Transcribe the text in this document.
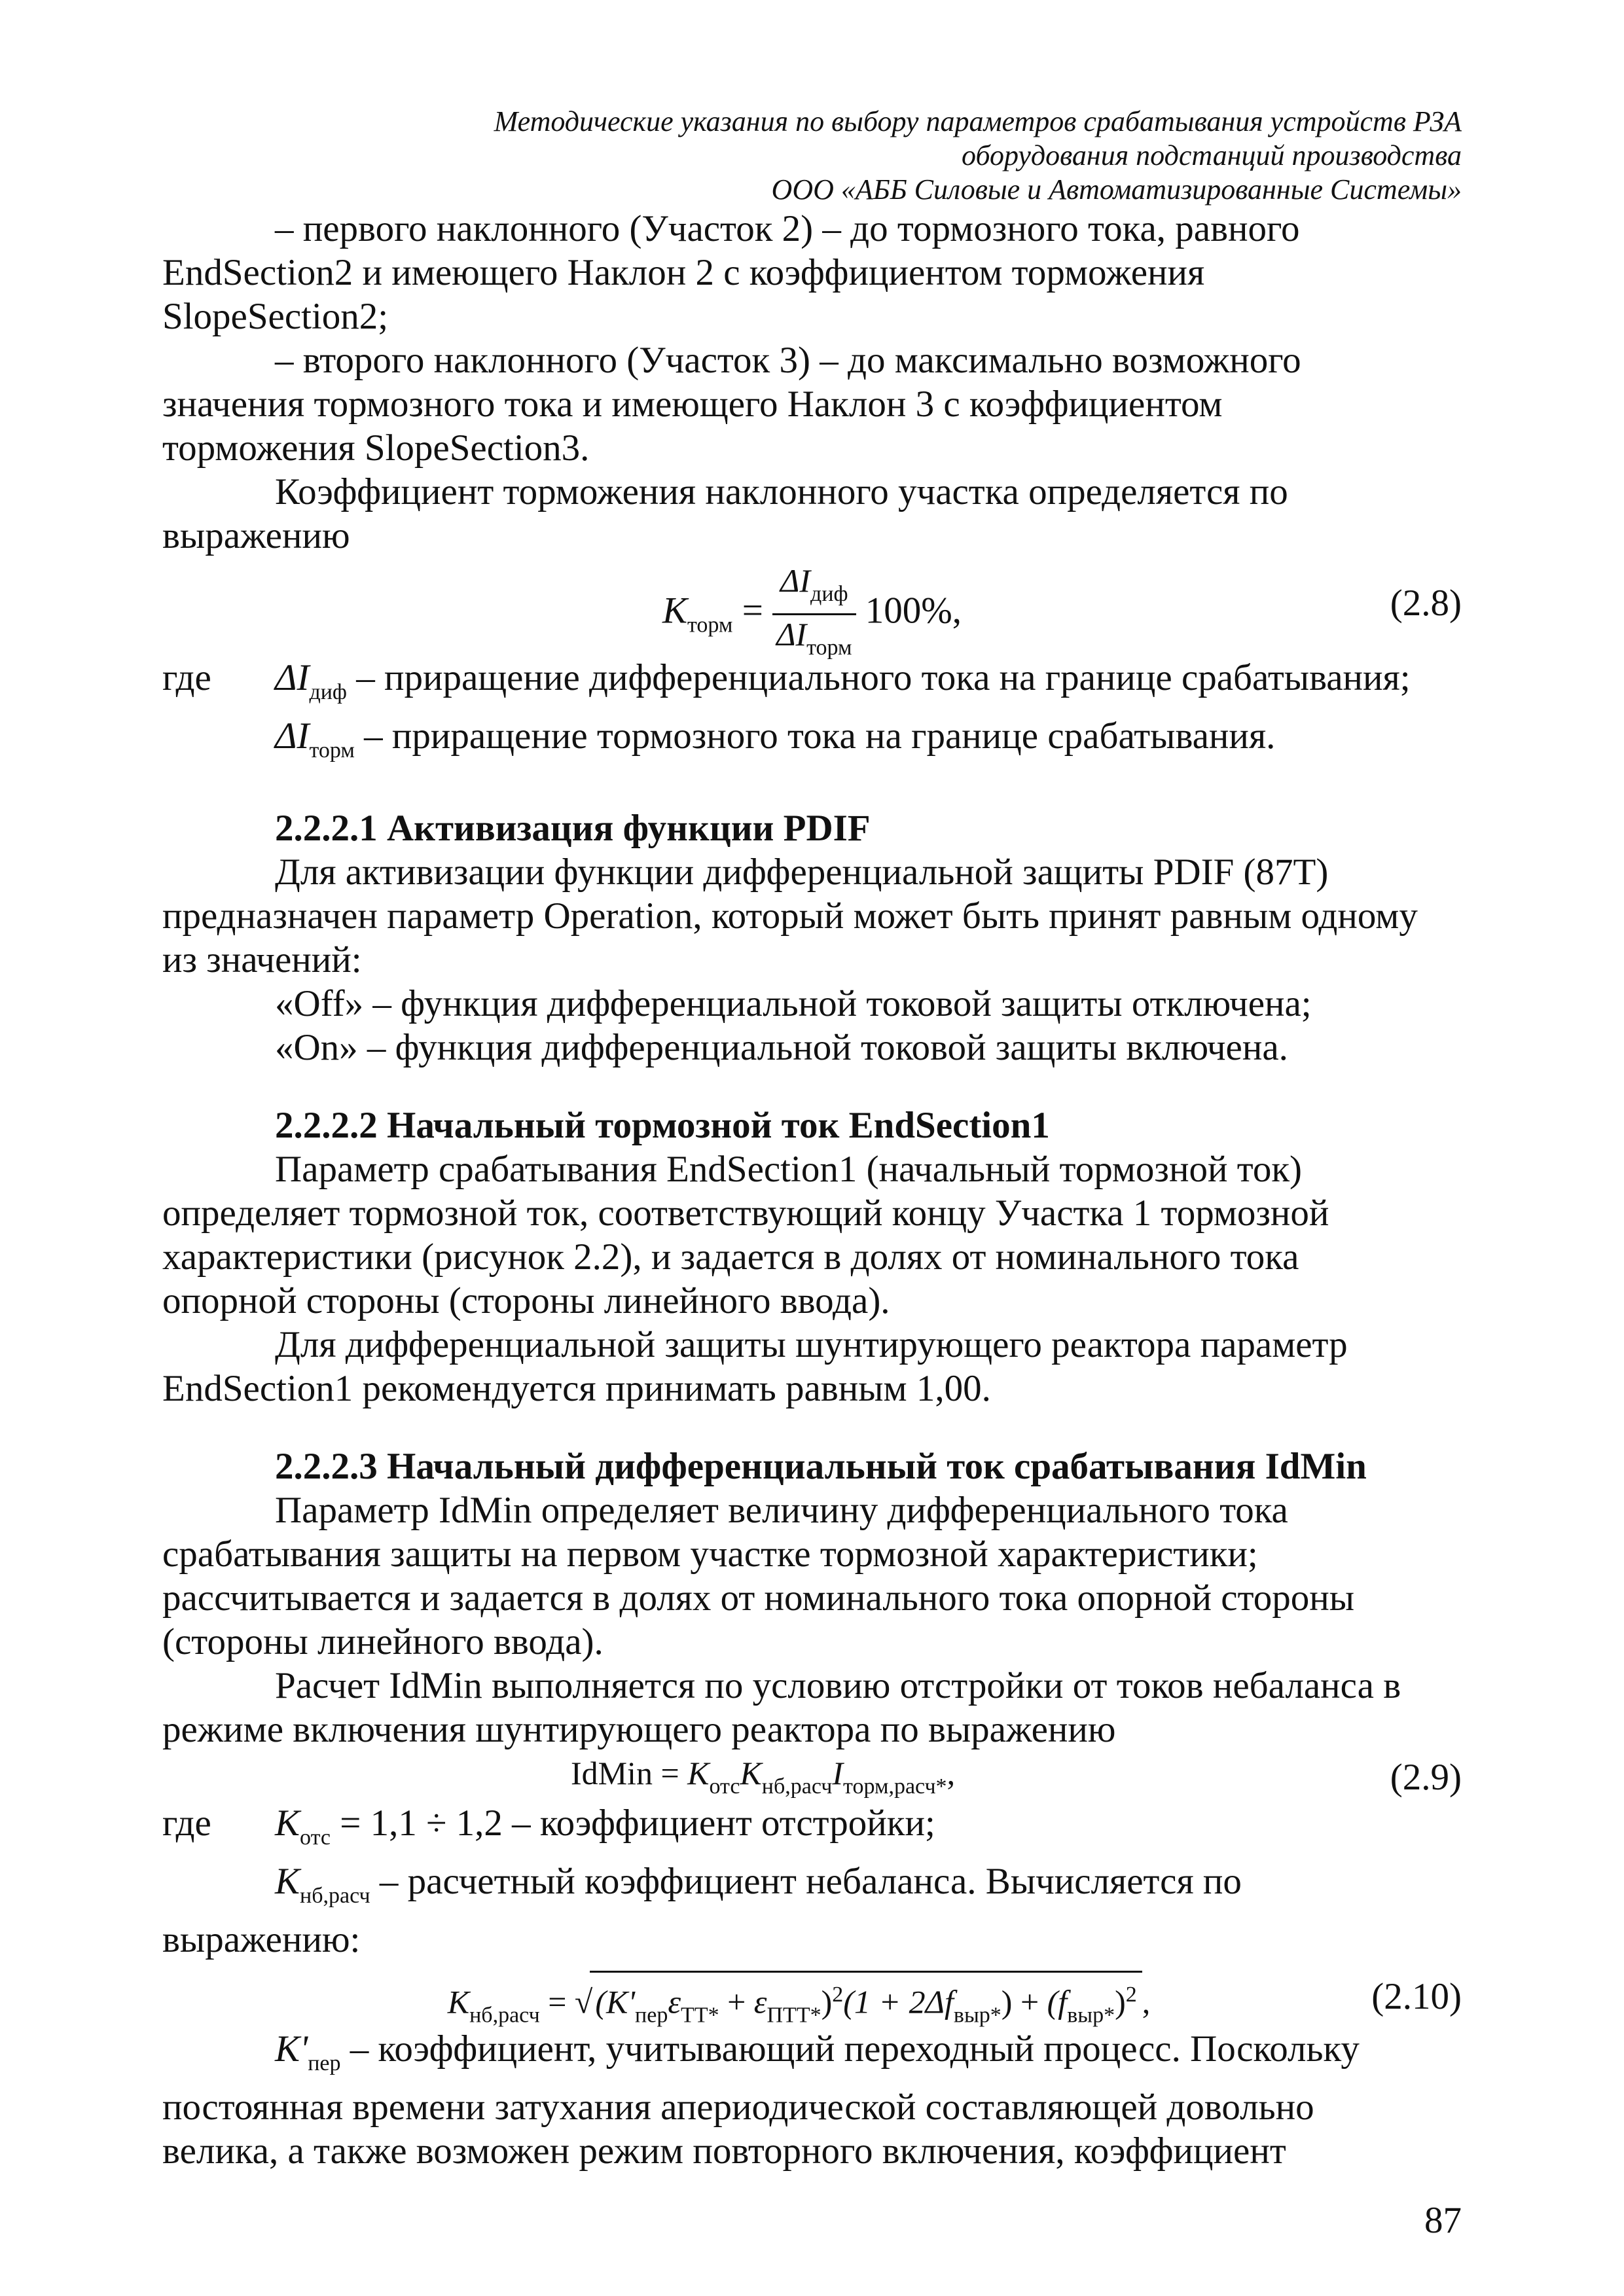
Методические указания по выбору параметров срабатывания устройств РЗА
оборудования подстанций производства
ООО «АББ Силовые и Автоматизированные Системы»
– первого наклонного (Участок 2) – до тормозного тока, равного
EndSection2 и имеющего Наклон 2 с коэффициентом торможения
SlopeSection2;
– второго наклонного (Участок 3) – до максимально возможного
значения тормозного тока и имеющего Наклон 3 с коэффициентом
торможения SlopeSection3.
Коэффициент торможения наклонного участка определяется по
выражению
$K_{торм} = \frac{\Delta I_{диф}}{\Delta I_{торм}} 100\%$,	(2.8)
где	$\Delta I_{диф}$ – приращение дифференциального тока на границе срабатывания;
$\Delta I_{торм}$ – приращение тормозного тока на границе срабатывания.
2.2.2.1 Активизация функции PDIF
Для активизации функции дифференциальной защиты PDIF (87T)
предназначен параметр Operation, который может быть принят равным одному
из значений:
«Off» – функция дифференциальной токовой защиты отключена;
«On» – функция дифференциальной токовой защиты включена.
2.2.2.2 Начальный тормозной ток EndSection1
Параметр срабатывания EndSection1 (начальный тормозной ток)
определяет тормозной ток, соответствующий концу Участка 1 тормозной
характеристики (рисунок 2.2), и задается в долях от номинального тока
опорной стороны (стороны линейного ввода).
Для дифференциальной защиты шунтирующего реактора параметр
EndSection1 рекомендуется принимать равным 1,00.
2.2.2.3 Начальный дифференциальный ток срабатывания IdMin
Параметр IdMin определяет величину дифференциального тока
срабатывания защиты на первом участке тормозной характеристики;
рассчитывается и задается в долях от номинального тока опорной стороны
(стороны линейного ввода).
Расчет IdMin выполняется по условию отстройки от токов небаланса в
режиме включения шунтирующего реактора по выражению
IdMin = $K_{отс}K_{нб,расч}I_{торм,расч*}$,	(2.9)
где	$K_{отс} = 1,1 \div 1,2$ – коэффициент отстройки;
$K_{нб,расч}$ – расчетный коэффициент небаланса. Вычисляется по
выражению:
$K_{нб,расч} = √(K'_{пер}\varepsilon_{TT*} + \varepsilon_{ПТТ*})^2(1 + 2\Delta f_{выр*}) + (f_{выр*})^2$ ,	(2.10)
$K'_{пер}$ – коэффициент, учитывающий переходный процесс. Поскольку
постоянная времени затухания апериодической составляющей довольно
велика, а также возможен режим повторного включения, коэффициент
87
